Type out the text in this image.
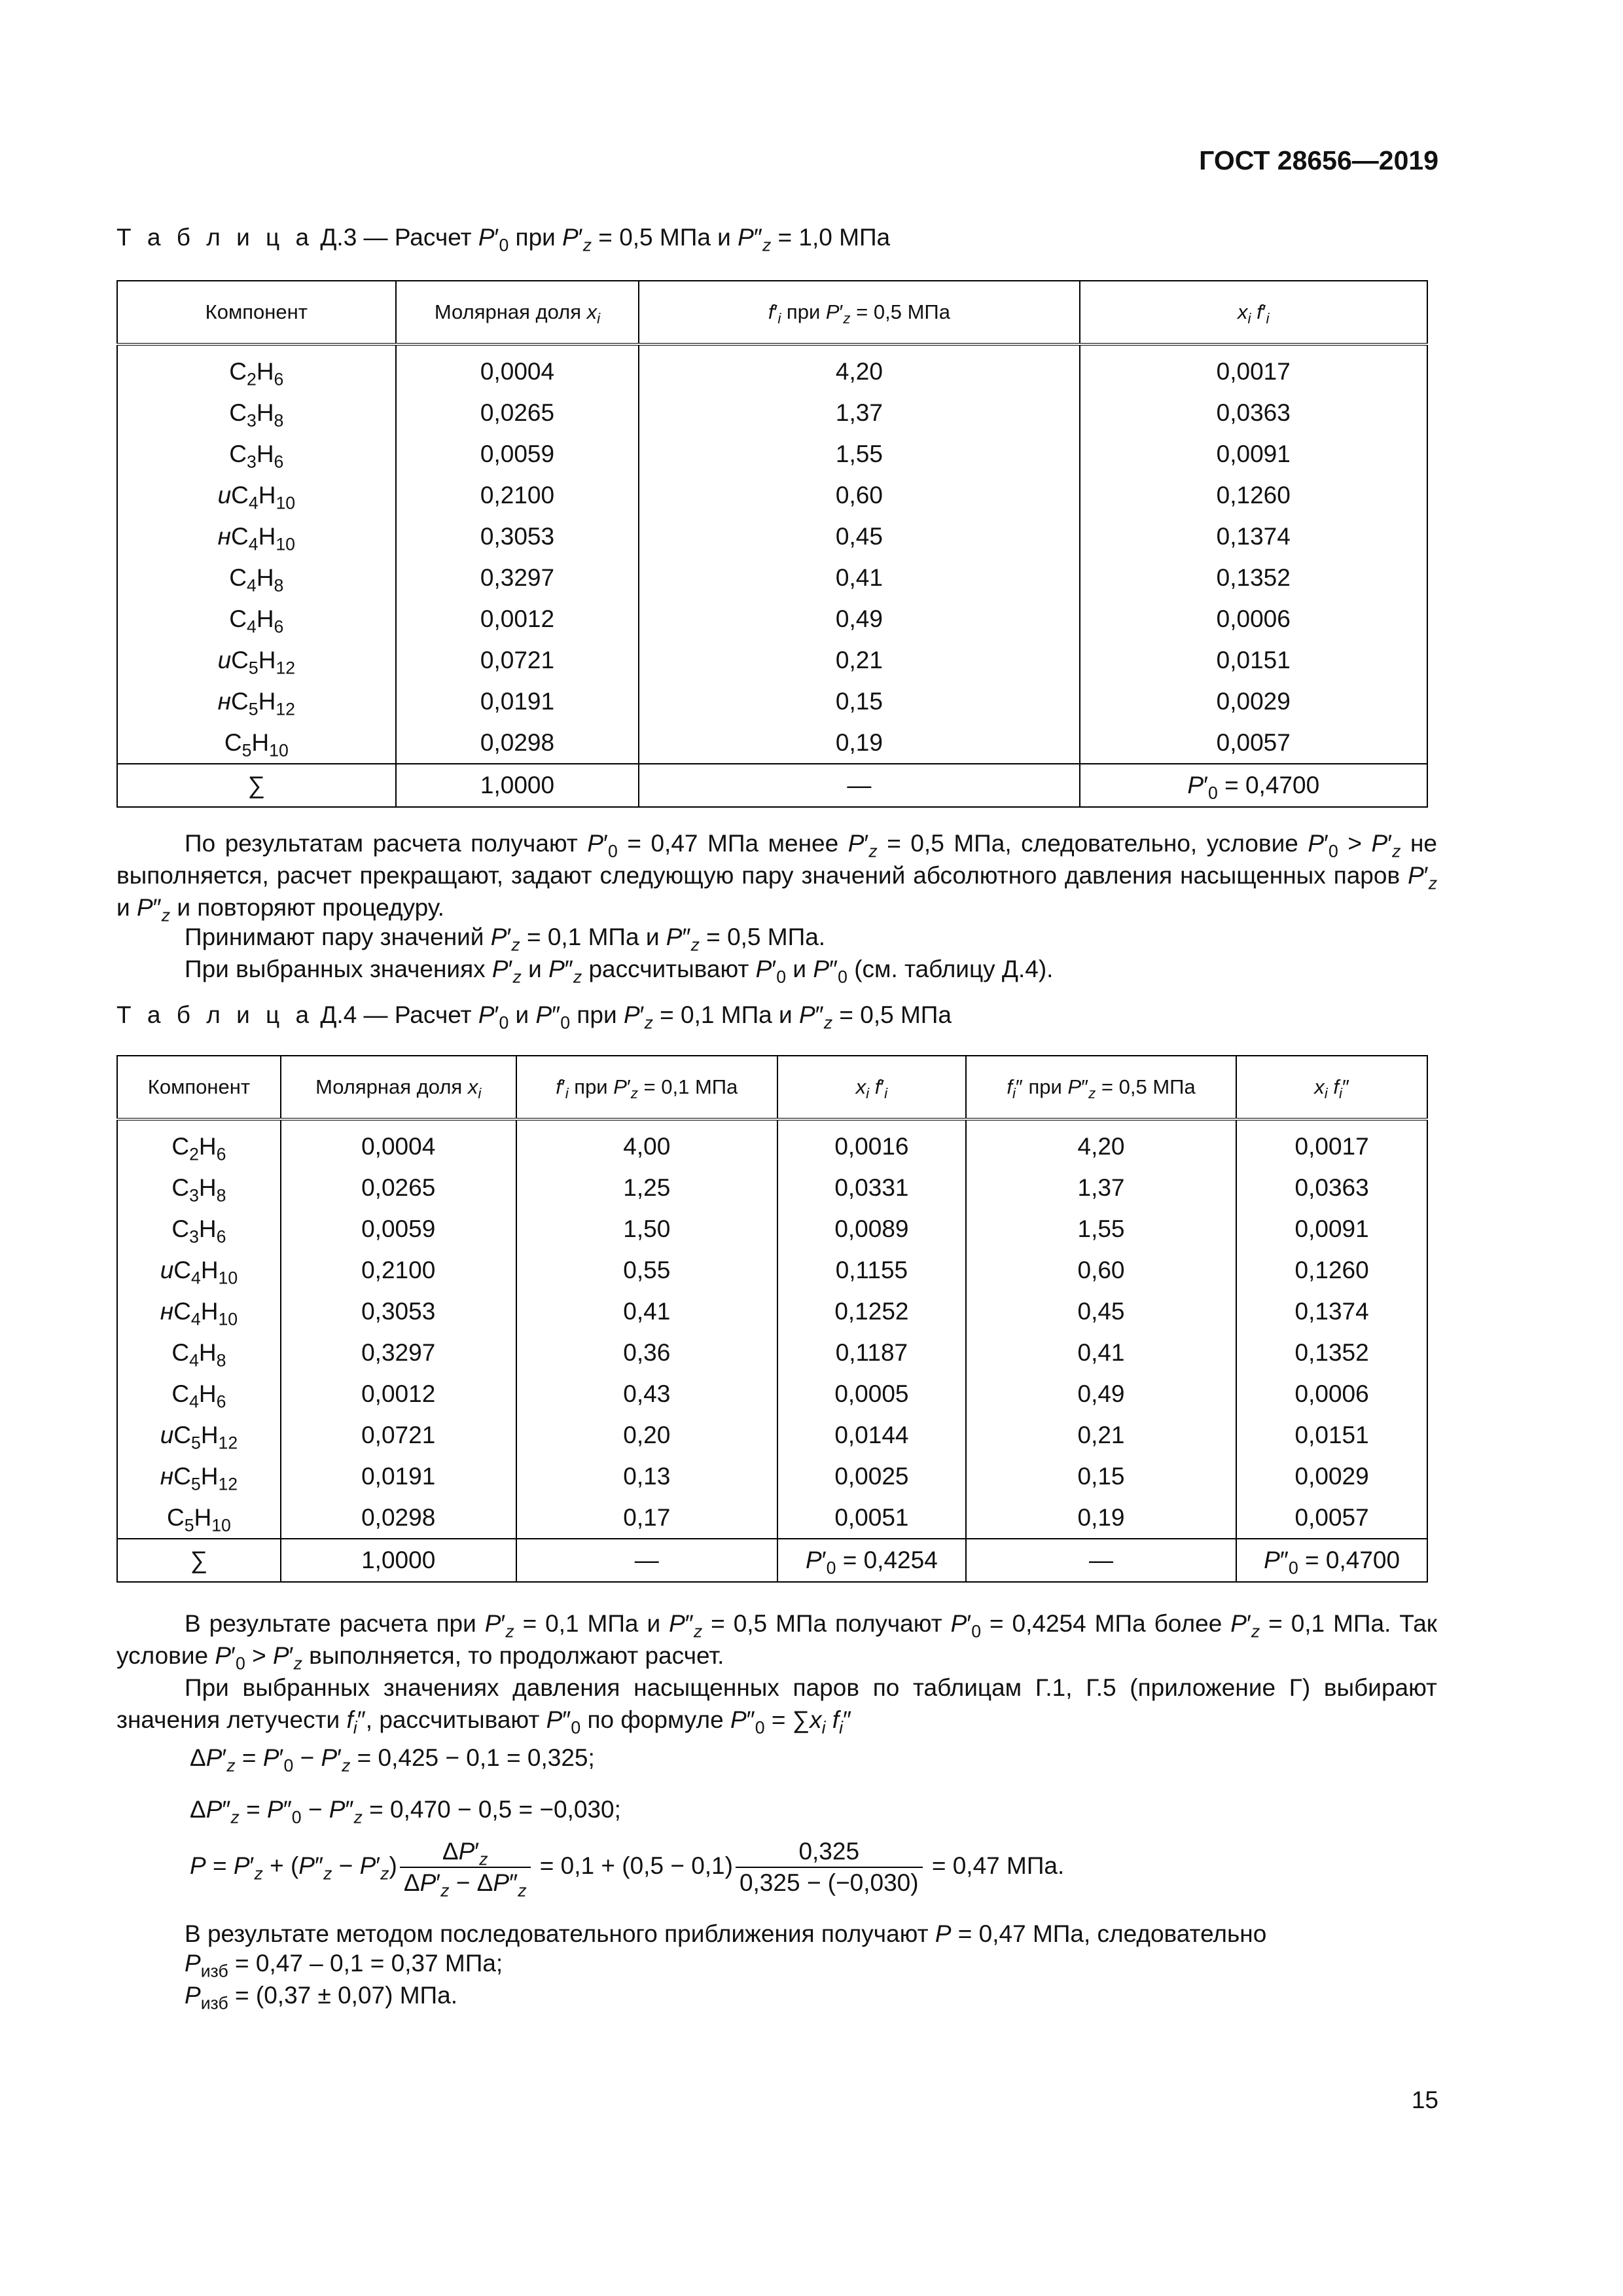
ГОСТ 28656—2019
Т а б л и ц а Д.3 — Расчет $P'_0$ при $P'_z = 0,5$ МПа и $P''_z = 1,0$ МПа
Компонент	Молярная доля $x_i$	$f'_i$ при $P'_z = 0,5$ МПа	$x_i$ $f'_i$

$C_2H_6$	0,0004	4,20	0,0017
$C_3H_8$	0,0265	1,37	0,0363
$C_3H_6$	0,0059	1,55	0,0091
$иC_4H_{10}$	0,2100	0,60	0,1260
$нC_4H_{10}$	0,3053	0,45	0,1374
$C_4H_8$	0,3297	0,41	0,1352
$C_4H_6$	0,0012	0,49	0,0006
$иC_5H_{12}$	0,0721	0,21	0,0151
$нC_5H_{12}$	0,0191	0,15	0,0029
$C_5H_{10}$	0,0298	0,19	0,0057
∑	1,0000	—	$P'_0 = 0,4700$
По результатам расчета получают $P'_0 = 0,47$ МПа менее $P'_z = 0,5$ МПа, следовательно, условие $P'_0 > P'_z$ не выполняется, расчет прекращают, задают следующую пару значений абсолютного давления насыщенных паров $P'_z$ и $P''_z$ и повторяют процедуру.
Принимают пару значений $P'_z = 0,1$ МПа и $P''_z = 0,5$ МПа.
При выбранных значениях $P'_z$ и $P''_z$ рассчитывают $P'_0$ и $P''_0$ (см. таблицу Д.4).
Т а б л и ц а Д.4 — Расчет $P'_0$ и $P''_0$ при $P'_z = 0,1$ МПа и $P''_z = 0,5$ МПа
Компонент	Молярная доля $x_i$	$f'_i$ при $P'_z = 0,1$ МПа	$x_i$ $f'_i$	$f_i''$ при $P''_z = 0,5$ МПа	$x_i$ $f_i''$

$C_2H_6$	0,0004	4,00	0,0016	4,20	0,0017
$C_3H_8$	0,0265	1,25	0,0331	1,37	0,0363
$C_3H_6$	0,0059	1,50	0,0089	1,55	0,0091
$иC_4H_{10}$	0,2100	0,55	0,1155	0,60	0,1260
$нC_4H_{10}$	0,3053	0,41	0,1252	0,45	0,1374
$C_4H_8$	0,3297	0,36	0,1187	0,41	0,1352
$C_4H_6$	0,0012	0,43	0,0005	0,49	0,0006
$иC_5H_{12}$	0,0721	0,20	0,0144	0,21	0,0151
$нC_5H_{12}$	0,0191	0,13	0,0025	0,15	0,0029
$C_5H_{10}$	0,0298	0,17	0,0051	0,19	0,0057
∑	1,0000	—	$P'_0 = 0,4254$	—	$P''_0 = 0,4700$
В результате расчета при $P'_z = 0,1$ МПа и $P''_z = 0,5$ МПа получают $P'_0 = 0,4254$ МПа более $P'_z = 0,1$ МПа. Так условие $P'_0 > P'_z$ выполняется, то продолжают расчет.
При выбранных значениях давления насыщенных паров по таблицам Г.1, Г.5 (приложение Г) выбирают значения летучести $f_i''$, рассчитывают $P''_0$ по формуле $P''_0 = \sum x_i$ $f_i''$
$\Delta P'_z = P'_0 - P'_z = 0,425 - 0,1 = 0,325$;
$\Delta P''_z = P''_0 - P''_z = 0,470 - 0,5 = -0,030$;
$P = P'_z + (P''_z - P'_z) \frac{\Delta P'_z}{\Delta P'_z - \Delta P''_z} = 0,1 + (0,5 - 0,1) \frac{0,325}{0,325 - (-0,030)} = 0,47$ МПа.
В результате методом последовательного приближения получают P = 0,47 МПа, следовательно
$P_{изб} = 0,47 - 0,1 = 0,37$ МПа;
$P_{изб} = (0,37 \pm 0,07)$ МПа.
15
